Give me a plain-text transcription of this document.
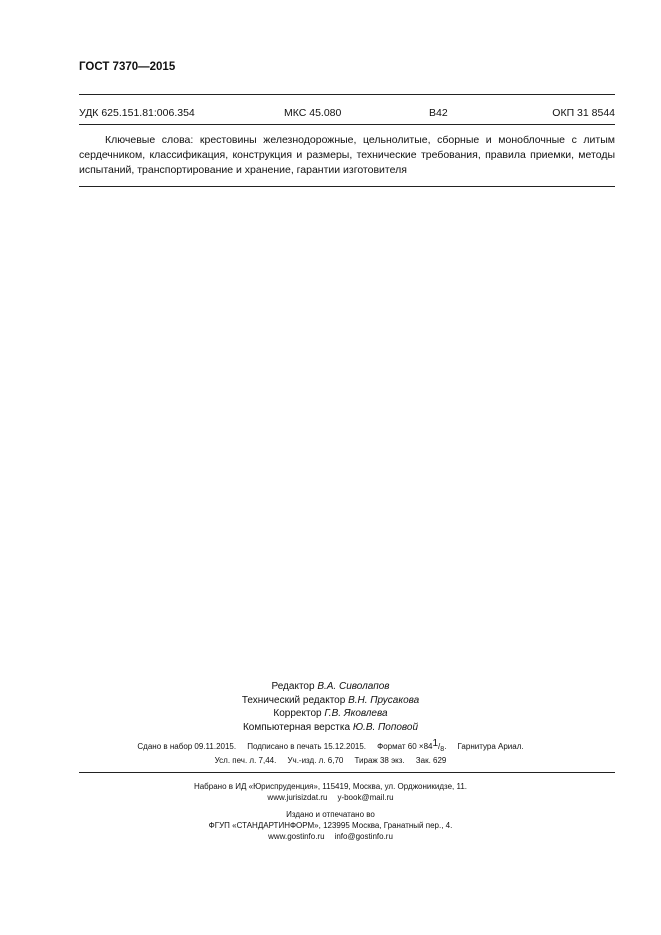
ГОСТ 7370—2015
УДК 625.151.81:006.354	МКС 45.080	В42	ОКП 31 8544
Ключевые слова: крестовины железнодорожные, цельнолитые, сборные и моноблочные с литым сердечником, классификация, конструкция и размеры, технические требования, правила приемки, методы испытаний, транспортирование и хранение, гарантии изготовителя
Редактор В.А. Сиволапов
Технический редактор В.Н. Прусакова
Корректор Г.В. Яковлева
Компьютерная верстка Ю.В. Поповой
Сдано в набор 09.11.2015. Подписано в печать 15.12.2015. Формат 60 ×841/8. Гарнитура Ариал.
Усл. печ. л. 7,44. Уч.-изд. л. 6,70 Тираж 38 экз. Зак. 629
Набрано в ИД «Юриспруденция», 115419, Москва, ул. Орджоникидзе, 11.
www.jurisizdat.ru y-book@mail.ru
Издано и отпечатано во
ФГУП «СТАНДАРТИНФОРМ», 123995 Москва, Гранатный пер., 4.
www.gostinfo.ru info@gostinfo.ru
